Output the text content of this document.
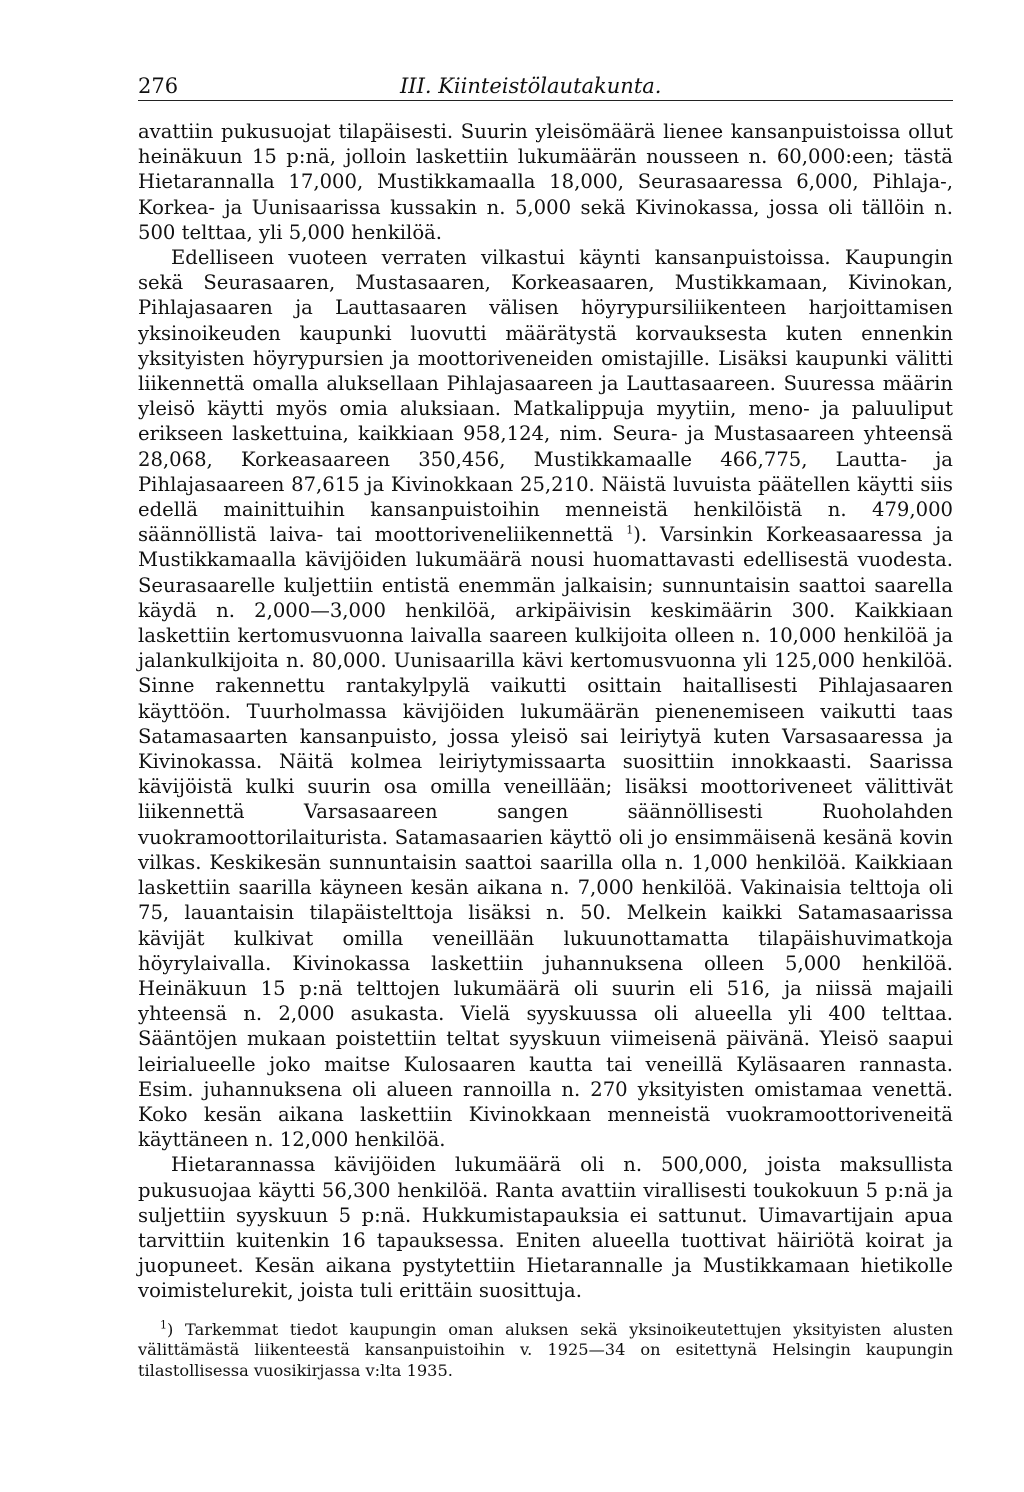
276	III. Kiinteistölautakunta.

avattiin pukusuojat tilapäisesti. Suurin yleisömäärä lienee kansanpuistoissa ollut heinäkuun 15 p:nä, jolloin laskettiin lukumäärän nousseen n. 60,000:een; tästä Hietarannalla 17,000, Mustikkamaalla 18,000, Seurasaaressa 6,000, Pihlaja-, Korkea- ja Uunisaarissa kussakin n. 5,000 sekä Kivinokassa, jossa oli tällöin n. 500 telttaa, yli 5,000 henkilöä.

Edelliseen vuoteen verraten vilkastui käynti kansanpuistoissa. Kaupungin sekä Seurasaaren, Mustasaaren, Korkeasaaren, Mustikkamaan, Kivinokan, Pihlajasaaren ja Lauttasaaren välisen höyrypursiliikenteen harjoittamisen yksinoikeuden kaupunki luovutti määrätystä korvauksesta kuten ennenkin yksityisten höyrypursien ja moottoriveneiden omistajille. Lisäksi kaupunki välitti liikennettä omalla aluksellaan Pihlajasaareen ja Lauttasaareen. Suuressa määrin yleisö käytti myös omia aluksiaan. Matkalippuja myytiin, meno- ja paluuliput erikseen laskettuina, kaikkiaan 958,124, nim. Seura- ja Mustasaareen yhteensä 28,068, Korkeasaareen 350,456, Mustikkamaalle 466,775, Lautta- ja Pihlajasaareen 87,615 ja Kivinokkaan 25,210. Näistä luvuista päätellen käytti siis edellä mainittuihin kansanpuistoihin menneistä henkilöistä n. 479,000 säännöllistä laiva- tai moottoriveneliikennettä $^1$). Varsinkin Korkeasaaressa ja Mustikkamaalla kävijöiden lukumäärä nousi huomattavasti edellisestä vuodesta. Seurasaarelle kuljettiin entistä enemmän jalkaisin; sunnuntaisin saattoi saarella käydä n. 2,000—3,000 henkilöä, arkipäivisin keskimäärin 300. Kaikkiaan laskettiin kertomusvuonna laivalla saareen kulkijoita olleen n. 10,000 henkilöä ja jalankulkijoita n. 80,000. Uunisaarilla kävi kertomusvuonna yli 125,000 henkilöä. Sinne rakennettu rantakylpylä vaikutti osittain haitallisesti Pihlajasaaren käyttöön. Tuurholmassa kävijöiden lukumäärän pienenemiseen vaikutti taas Satamasaarten kansanpuisto, jossa yleisö sai leiriytyä kuten Varsasaaressa ja Kivinokassa. Näitä kolmea leiriytymissaarta suosittiin innokkaasti. Saarissa kävijöistä kulki suurin osa omilla veneillään; lisäksi moottoriveneet välittivät liikennettä Varsasaareen sangen säännöllisesti Ruoholahden vuokramoottorilaiturista. Satamasaarien käyttö oli jo ensimmäisenä kesänä kovin vilkas. Keskikesän sunnuntaisin saattoi saarilla olla n. 1,000 henkilöä. Kaikkiaan laskettiin saarilla käyneen kesän aikana n. 7,000 henkilöä. Vakinaisia telttoja oli 75, lauantaisin tilapäistelttoja lisäksi n. 50. Melkein kaikki Satamasaarissa kävijät kulkivat omilla veneillään lukuunottamatta tilapäishuvimatkoja höyrylaivalla. Kivinokassa laskettiin juhannuksena olleen 5,000 henkilöä. Heinäkuun 15 p:nä telttojen lukumäärä oli suurin eli 516, ja niissä majaili yhteensä n. 2,000 asukasta. Vielä syyskuussa oli alueella yli 400 telttaa. Sääntöjen mukaan poistettiin teltat syyskuun viimeisenä päivänä. Yleisö saapui leirialueelle joko maitse Kulosaaren kautta tai veneillä Kyläsaaren rannasta. Esim. juhannuksena oli alueen rannoilla n. 270 yksityisten omistamaa venettä. Koko kesän aikana laskettiin Kivinokkaan menneistä vuokramoottoriveneitä käyttäneen n. 12,000 henkilöä.

Hietarannassa kävijöiden lukumäärä oli n. 500,000, joista maksullista pukusuojaa käytti 56,300 henkilöä. Ranta avattiin virallisesti toukokuun 5 p:nä ja suljettiin syyskuun 5 p:nä. Hukkumistapauksia ei sattunut. Uimavartijain apua tarvittiin kuitenkin 16 tapauksessa. Eniten alueella tuottivat häiriötä koirat ja juopuneet. Kesän aikana pystytettiin Hietarannalle ja Mustikkamaan hietikolle voimistelurekit, joista tuli erittäin suosittuja.

$^1$) Tarkemmat tiedot kaupungin oman aluksen sekä yksinoikeutettujen yksityisten alusten välittämästä liikenteestä kansanpuistoihin v. 1925—34 on esitettynä Helsingin kaupungin tilastollisessa vuosikirjassa v:lta 1935.
